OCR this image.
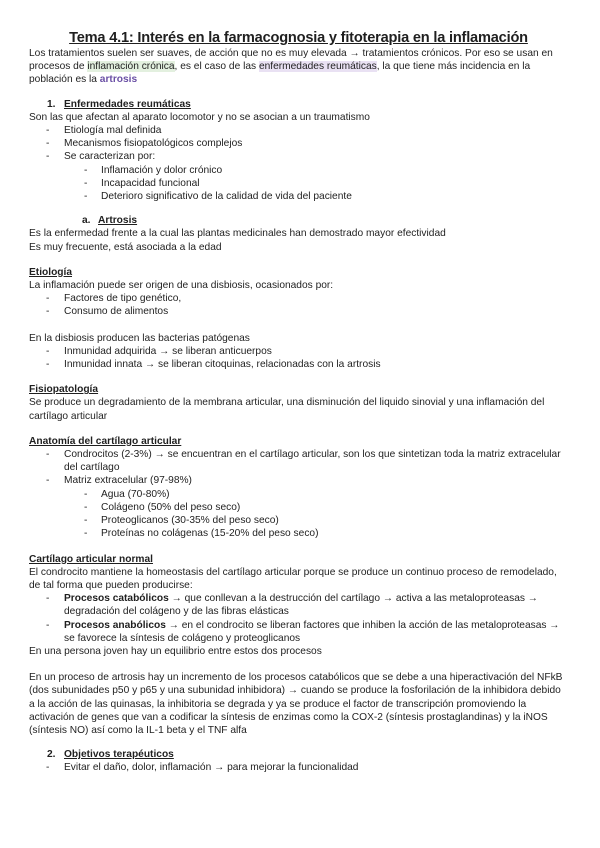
Tema 4.1: Interés en la farmacognosia y fitoterapia en la inflamación

Los tratamientos suelen ser suaves, de acción que no es muy elevada → tratamientos crónicos. Por eso se usan en procesos de inflamación crónica, es el caso de las enfermedades reumáticas, la que tiene más incidencia en la población es la artrosis

1. Enfermedades reumáticas

Son las que afectan al aparato locomotor y no se asocian a un traumatismo

- Etiología mal definida
- Mecanismos fisiopatológicos complejos
- Se caracterizan por:
- Inflamación y dolor crónico
- Incapacidad funcional
- Deterioro significativo de la calidad de vida del paciente
a. Artrosis

Es la enfermedad frente a la cual las plantas medicinales han demostrado mayor efectividad

Es muy frecuente, está asociada a la edad

Etiología

La inflamación puede ser origen de una disbiosis, ocasionados por:

- Factores de tipo genético,
- Consumo de alimentos

En la disbiosis producen las bacterias patógenas

- Inmunidad adquirida → se liberan anticuerpos
- Inmunidad innata → se liberan citoquinas, relacionadas con la artrosis
Fisiopatología

Se produce un degradamiento de la membrana articular, una disminución del liquido sinovial y una inflamación del cartílago articular

Anatomía del cartílago articular
- Condrocitos (2-3%) → se encuentran en el cartílago articular, son los que sintetizan toda la matriz extracelular del cartílago
- Matriz extracelular (97-98%)
- Agua (70-80%)
- Colágeno (50% del peso seco)
- Proteoglicanos (30-35% del peso seco)
- Proteínas no colágenas (15-20% del peso seco)
Cartílago articular normal

El condrocito mantiene la homeostasis del cartílago articular porque se produce un continuo proceso de remodelado, de tal forma que pueden producirse:

- Procesos catabólicos → que conllevan a la destrucción del cartílago → activa a las metaloproteasas → degradación del colágeno y de las fibras elásticas
- Procesos anabólicos → en el condrocito se liberan factores que inhiben la acción de las metaloproteasas → se favorece la síntesis de colágeno y proteoglicanos

En una persona joven hay un equilibrio entre estos dos procesos

En un proceso de artrosis hay un incremento de los procesos catabólicos que se debe a una hiperactivación del NFkB (dos subunidades p50 y p65 y una subunidad inhibidora) → cuando se produce la fosforilación de la inhibidora debido a la acción de las quinasas, la inhibitoria se degrada y ya se produce el factor de transcripción promoviendo la activación de genes que van a codificar la síntesis de enzimas como la COX-2 (síntesis prostaglandinas) y la iNOS (síntesis NO) así como la IL-1 beta y el TNF alfa

2. Objetivos terapéuticos
- Evitar el daño, dolor, inflamación → para mejorar la funcionalidad
